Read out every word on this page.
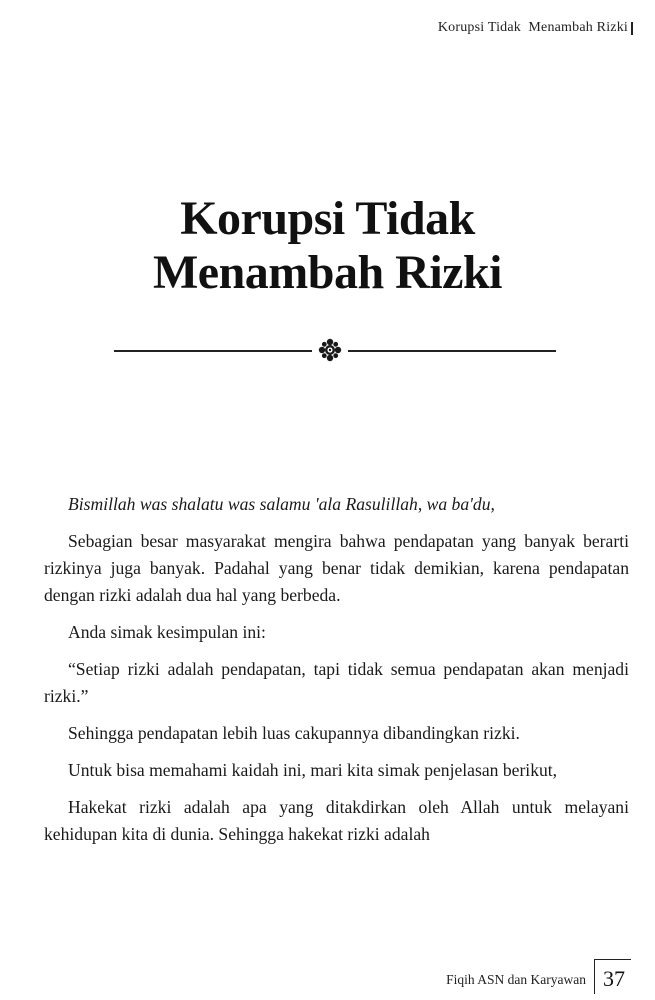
Korupsi Tidak  Menambah Rizki
Korupsi Tidak
Menambah Rizki

Bismillah was shalatu was salamu 'ala Rasulillah, wa ba'du,

Sebagian besar masyarakat mengira bahwa pendapatan yang banyak berarti rizkinya juga banyak. Padahal yang benar tidak demikian, karena pendapatan dengan rizki adalah dua hal yang berbeda.

Anda simak kesimpulan ini:

“Setiap rizki adalah pendapatan, tapi tidak semua pendapatan akan menjadi rizki.”

Sehingga pendapatan lebih luas cakupannya dibandingkan rizki.

Untuk bisa memahami kaidah ini, mari kita simak penjelasan berikut,

Hakekat rizki adalah apa yang ditakdirkan oleh Allah untuk melayani kehidupan kita di dunia. Sehingga hakekat rizki adalah

Fiqih ASN dan Karyawan 37
